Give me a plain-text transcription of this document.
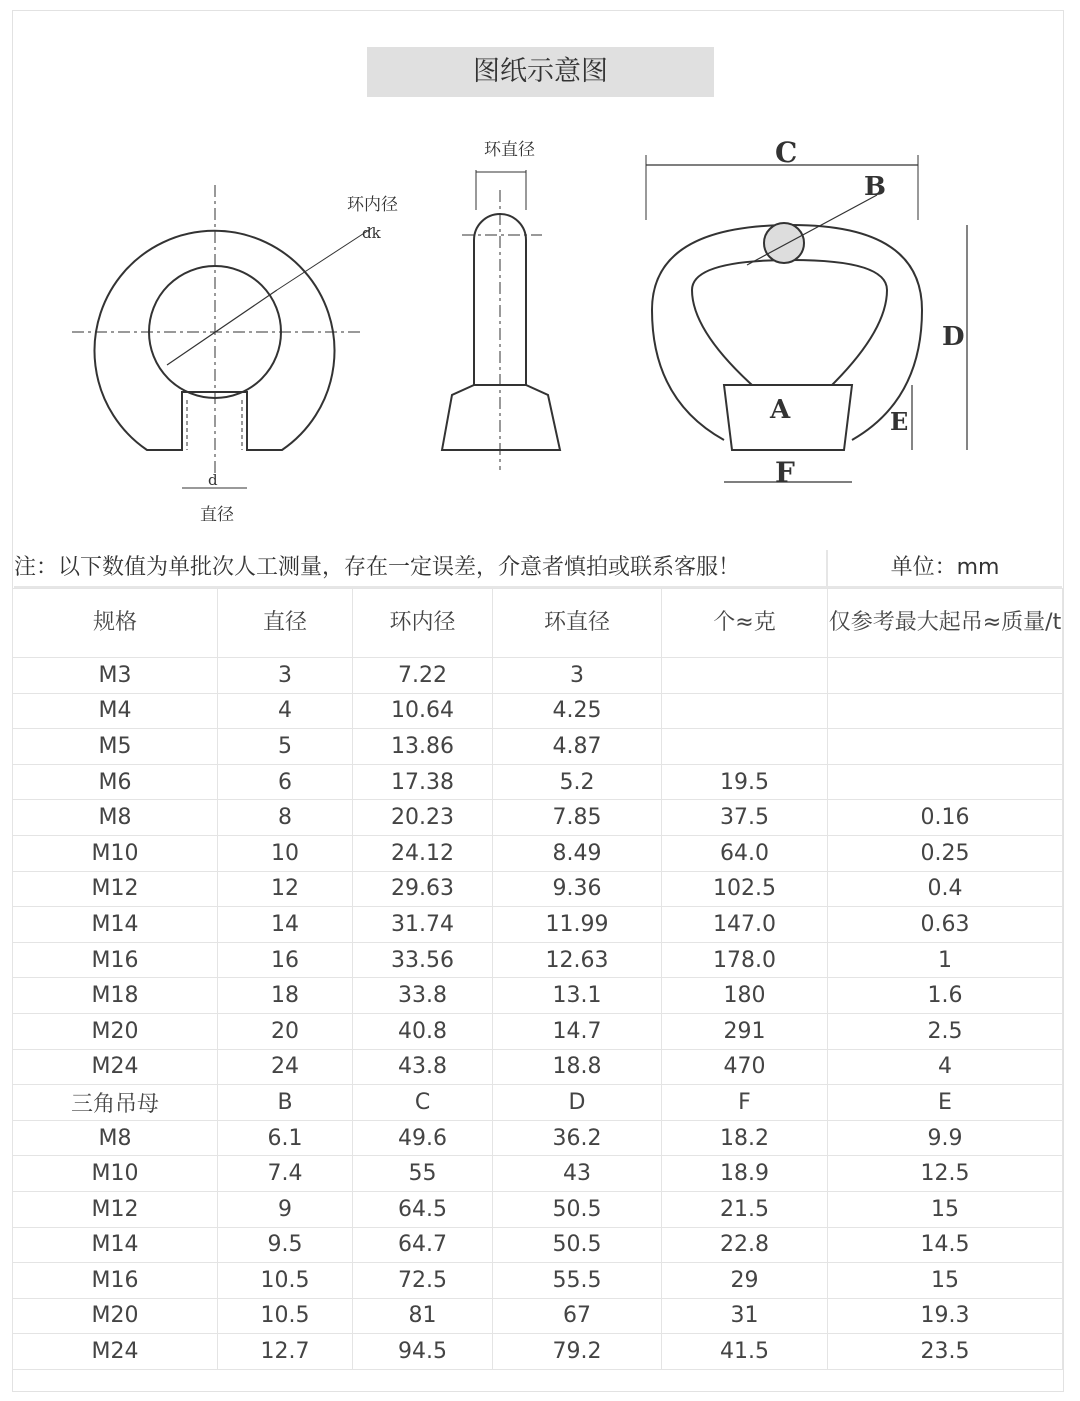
图纸示意图
环内径
dk
d
直径
环直径	C
B
D
A	E
F
注：以下数值为单批次人工测量，存在一定误差，介意者慎拍或联系客服！	单位：mm
规格	直径	环内径	环直径	个≈克	仅参考最大起吊≈质量/t
M3	3	7.22	3		
M4	4	10.64	4.25		
M5	5	13.86	4.87		
M6	6	17.38	5.2	19.5	
M8	8	20.23	7.85	37.5	0.16
M10	10	24.12	8.49	64.0	0.25
M12	12	29.63	9.36	102.5	0.4
M14	14	31.74	11.99	147.0	0.63
M16	16	33.56	12.63	178.0	1
M18	18	33.8	13.1	180	1.6
M20	20	40.8	14.7	291	2.5
M24	24	43.8	18.8	470	4
三角吊母	B	C	D	F	E
M8	6.1	49.6	36.2	18.2	9.9
M10	7.4	55	43	18.9	12.5
M12	9	64.5	50.5	21.5	15
M14	9.5	64.7	50.5	22.8	14.5
M16	10.5	72.5	55.5	29	15
M20	10.5	81	67	31	19.3
M24	12.7	94.5	79.2	41.5	23.5
